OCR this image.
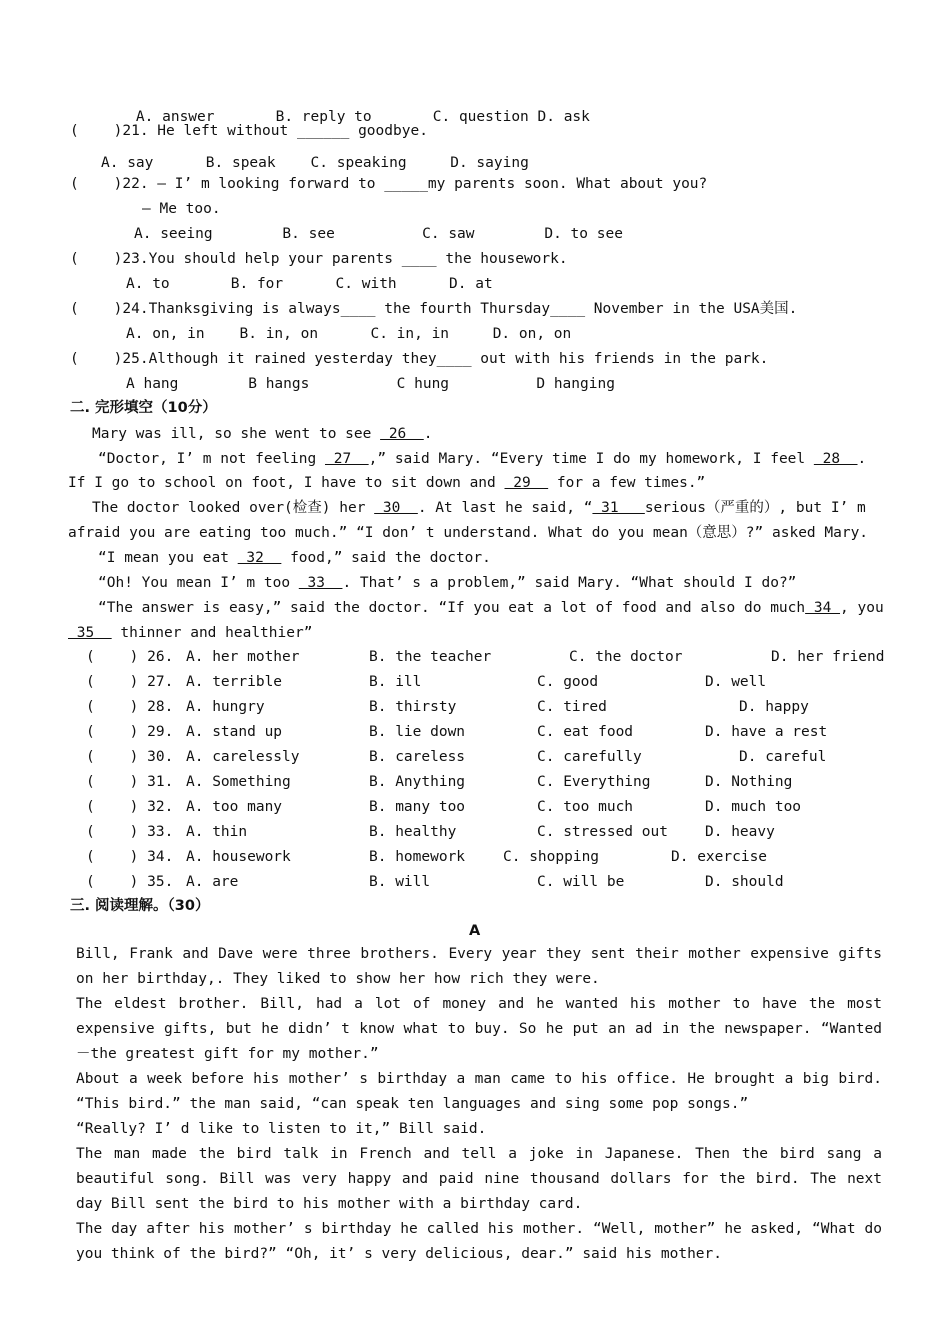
A. answer	B. reply to	C. question D. ask

(    )21. He left without ______ goodbye.
A. say	B. speak C. speaking	D. saying
(    )22. — I’ m looking forward to _____my parents soon. What about you?
— Me too.
A. seeing	B. see	C. saw	D. to see
(    )23.You should help your parents ____ the housework.
A. to	B. for	C. with	D. at
(    )24.Thanksgiving is always____ the fourth Thursday____ November in the USA美国.
A. on, in B. in, on	C. in, in	D. on, on
(    )25.Although it rained yesterday they____ out with his friends in the park.
A hang	B hangs	C hung	D hanging
二. 完形填空（10分）
Mary was ill, so she went to see  26  .
“Doctor, I’ m not feeling  27  ,” said Mary. “Every time I do my homework, I feel  28  .
If I go to school on foot, I have to sit down and  29   for a few times.”
The doctor looked over(检查) her  30  . At last he said, “ 31   serious（严重的）, but I’ m
afraid you are eating too much.” “I don’ t understand. What do you mean（意思）?” asked Mary.
“I mean you eat  32   food,” said the doctor.
“Oh! You mean I’ m too  33  . That’ s a problem,” said Mary. “What should I do?”
“The answer is easy,” said the doctor. “If you eat a lot of food and also do much 34 , you
35   thinner and healthier”
(    ) 26. A. her mother	B. the teacher	C. the doctor	D. her friend
(    ) 27. A. terrible	B. ill	C. good	D. well
(    ) 28. A. hungry	B. thirsty	C. tired	D. happy
(    ) 29. A. stand up	B. lie down	C. eat food	D. have a rest
(    ) 30. A. carelessly	B. careless	C. carefully	D. careful
(    ) 31. A. Something	B. Anything	C. Everything	D. Nothing
(    ) 32. A. too many	B. many too	C. too much	D. much too
(    ) 33. A. thin	B. healthy	C. stressed out	D. heavy
(    ) 34. A. housework	B. homework	C. shopping	D. exercise
(    ) 35. A. are	B. will	C. will be	D. should
三. 阅读理解。（30）
A
Bill, Frank and Dave were three brothers. Every year they sent their mother expensive gifts on her birthday,. They liked to show her how rich they were.
The eldest brother. Bill, had a lot of money and he wanted his mother to have the most expensive gifts, but he didn’ t know what to buy. So he put an ad in the newspaper. “Wanted－the greatest gift for my mother.”
About a week before his mother’ s birthday a man came to his office. He brought a big bird. “This bird.” the man said, “can speak ten languages and sing some pop songs.”
“Really? I’ d like to listen to it,” Bill said.
The man made the bird talk in French and tell a joke in Japanese. Then the bird sang a beautiful song. Bill was very happy and paid nine thousand dollars for the bird. The next day Bill sent the bird to his mother with a birthday card.
The day after his mother’ s birthday he called his mother. “Well, mother” he asked, “What do you think of the bird?” “Oh, it’ s very delicious, dear.” said his mother.
